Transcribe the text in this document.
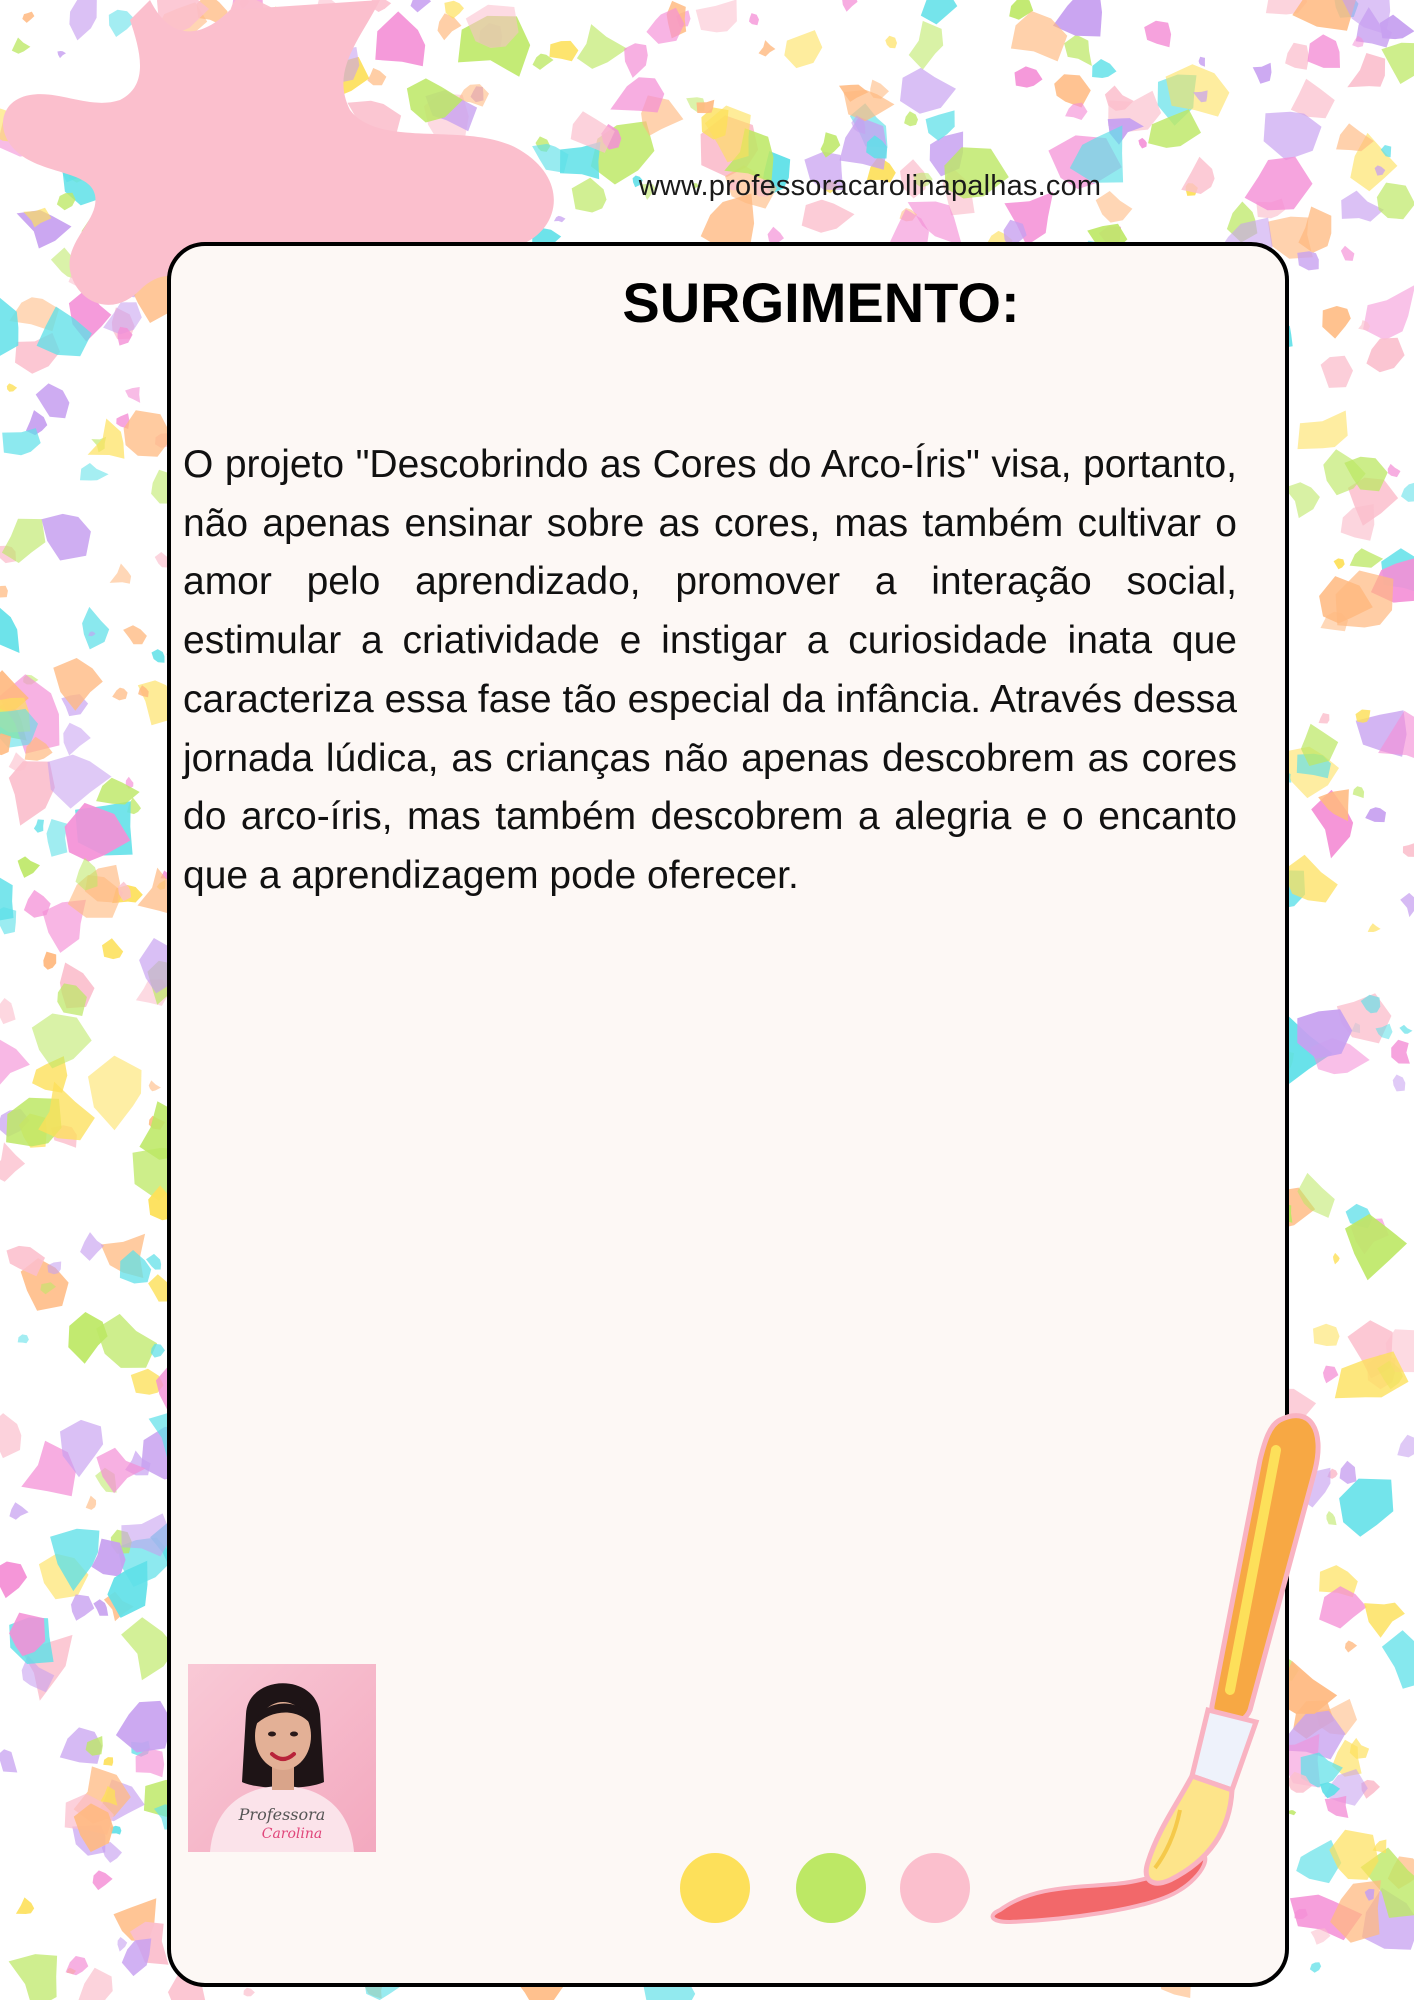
www.professoracarolinapalhas.com
SURGIMENTO:
O projeto "Descobrindo as Cores do Arco-Íris" visa, portanto, não apenas ensinar sobre as cores, mas também cultivar o amor pelo aprendizado, promover a interação social, estimular a criatividade e instigar a curiosidade inata que caracteriza essa fase tão especial da infância. Através dessa jornada lúdica, as crianças não apenas descobrem as cores do arco-íris, mas também descobrem a alegria e o encanto que a aprendizagem pode oferecer.
Professora
Carolina
